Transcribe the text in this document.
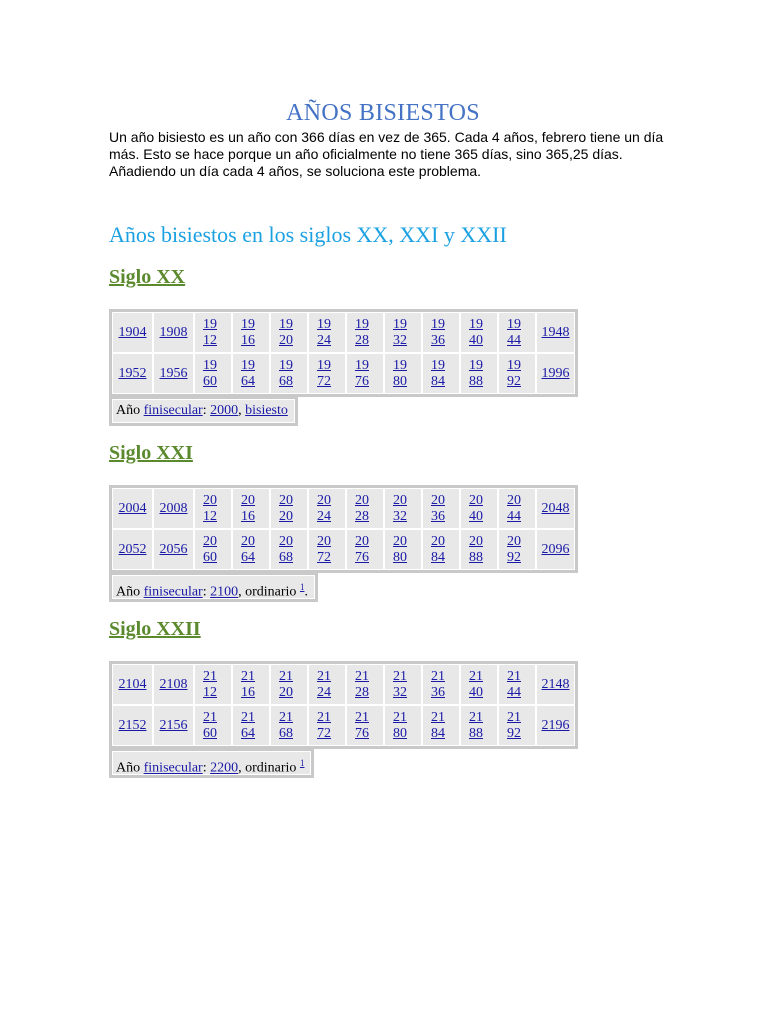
AÑOS BISIESTOS

Un año bisiesto es un año con 366 días en vez de 365. Cada 4 años, febrero tiene un día más. Esto se hace porque un año oficialmente no tiene 365 días, sino 365,25 días. Añadiendo un día cada 4 años, se soluciona este problema.

Años bisiestos en los siglos XX, XXI y XXII
Siglo XX
1904	1908	1912	1916	1920	1924	1928	1932	1936	1940	1944	1948
1952	1956	1960	1964	1968	1972	1976	1980	1984	1988	1992	1996
Año finisecular: 2000, bisiesto
Siglo XXI
2004	2008	2012	2016	2020	2024	2028	2032	2036	2040	2044	2048
2052	2056	2060	2064	2068	2072	2076	2080	2084	2088	2092	2096
Año finisecular: 2100, ordinario $^1$.
Siglo XXII
2104	2108	2112	2116	2120	2124	2128	2132	2136	2140	2144	2148
2152	2156	2160	2164	2168	2172	2176	2180	2184	2188	2192	2196
Año finisecular: 2200, ordinario $^1$
